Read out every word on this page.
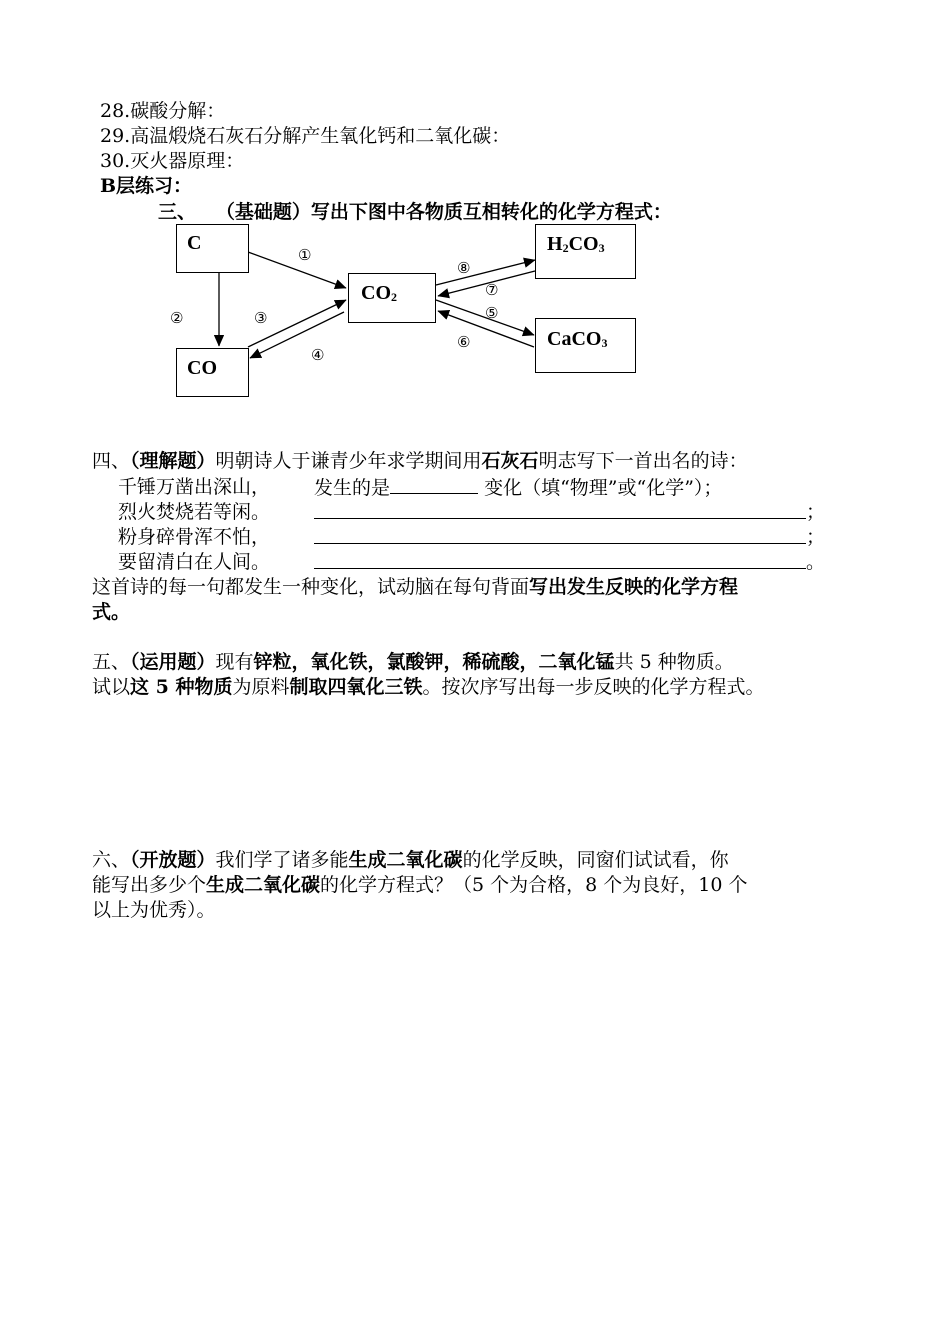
28.碳酸分解：
29.高温煅烧石灰石分解产生氧化钙和二氧化碳：
30.灭火器原理：
B层练习：
三、 （基础题）写出下图中各物质互相转化的化学方程式：
C
CO
$CO_2$
$H_2CO_3$
CaCO$_3$
①
②	③
④
⑤
⑥
⑦
⑧
四、（理解题）明朝诗人于谦青少年求学期间用石灰石明志写下一首出名的诗：
千锤万凿出深山， 发生的是	变化（填“物理”或“化学”）；
烈火焚烧若等闲。	；
粉身碎骨浑不怕，	；
要留清白在人间。	。
这首诗的每一句都发生一种变化，试动脑在每句背面写出发生反映的化学方程
式。
五、（运用题）现有锌粒，氧化铁，氯酸钾，稀硫酸，二氧化锰共 5 种物质。
试以这 5 种物质为原料制取四氧化三铁。按次序写出每一步反映的化学方程式。
六、（开放题）我们学了诸多能生成二氧化碳的化学反映，同窗们试试看，你
能写出多少个生成二氧化碳的化学方程式？（5 个为合格，8 个为良好，10 个
以上为优秀）。
